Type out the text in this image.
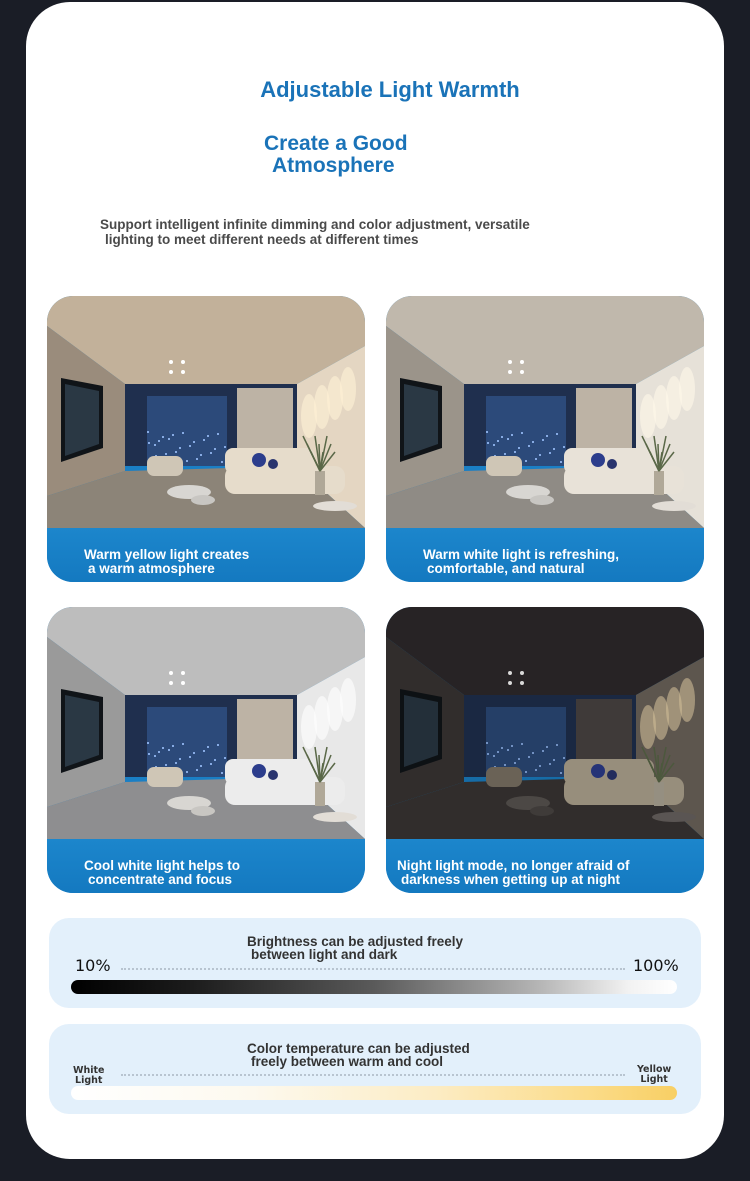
Adjustable Light Warmth
Create a Good
Atmosphere
Support intelligent infinite dimming and color adjustment, versatile
lighting to meet different needs at different times
Warm yellow light creates
a warm atmosphere
Warm white light is refreshing,
comfortable, and natural
Cool white light helps to
concentrate and focus
Night light mode, no longer afraid of
darkness when getting up at night
Brightness can be adjusted freely
between light and dark
10%	100%
Color temperature can be adjusted
freely between warm and cool
White
Light
Yellow
Light
